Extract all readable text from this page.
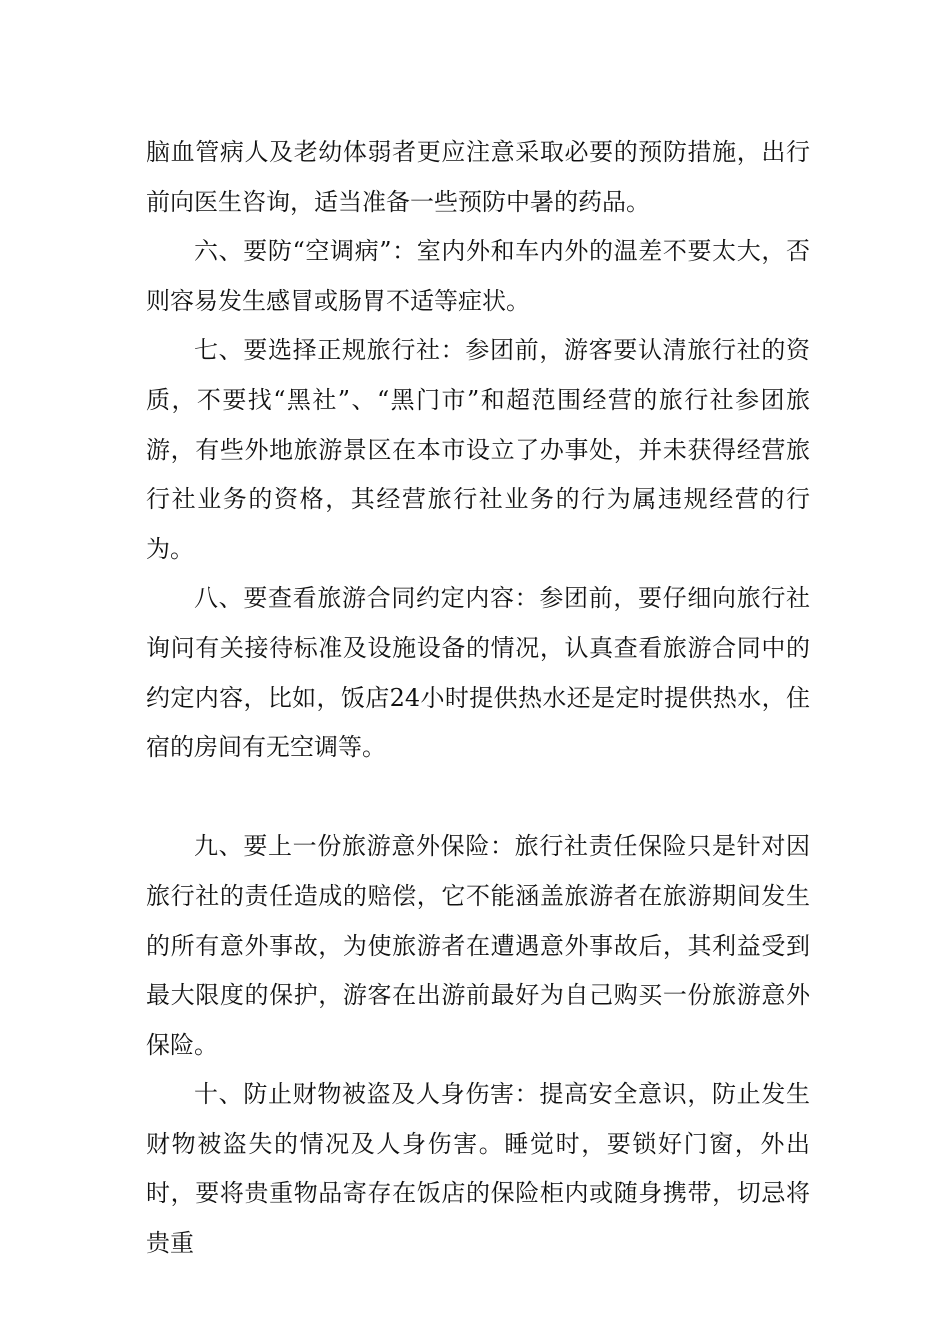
脑血管病人及老幼体弱者更应注意采取必要的预防措施，出行前向医生咨询，适当准备一些预防中暑的药品。

六、要防“空调病”：室内外和车内外的温差不要太大，否则容易发生感冒或肠胃不适等症状。

七、要选择正规旅行社：参团前，游客要认清旅行社的资质，不要找“黑社”、“黑门市”和超范围经营的旅行社参团旅游，有些外地旅游景区在本市设立了办事处，并未获得经营旅行社业务的资格，其经营旅行社业务的行为属违规经营的行为。

八、要查看旅游合同约定内容：参团前，要仔细向旅行社询问有关接待标准及设施设备的情况，认真查看旅游合同中的约定内容，比如，饭店24小时提供热水还是定时提供热水，住宿的房间有无空调等。

九、要上一份旅游意外保险：旅行社责任保险只是针对因旅行社的责任造成的赔偿，它不能涵盖旅游者在旅游期间发生的所有意外事故，为使旅游者在遭遇意外事故后，其利益受到最大限度的保护，游客在出游前最好为自己购买一份旅游意外保险。

十、防止财物被盗及人身伤害：提高安全意识，防止发生财物被盗失的情况及人身伤害。睡觉时，要锁好门窗，外出时，要将贵重物品寄存在饭店的保险柜内或随身携带，切忌将贵重
